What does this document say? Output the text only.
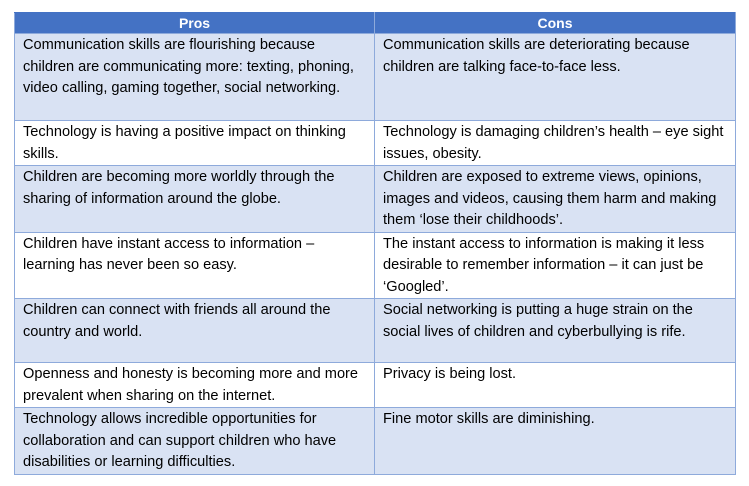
Pros	Cons
Communication skills are flourishing because children are communicating more: texting, phoning, video calling, gaming together, social networking.	Communication skills are deteriorating because children are talking face-to-face less.
Technology is having a positive impact on thinking skills.	Technology is damaging children’s health – eye sight issues, obesity.
Children are becoming more worldly through the sharing of information around the globe.	Children are exposed to extreme views, opinions, images and videos, causing them harm and making them ‘lose their childhoods’.
Children have instant access to information – learning has never been so easy.	The instant access to information is making it less desirable to remember information – it can just be ‘Googled’.
Children can connect with friends all around the country and world.	Social networking is putting a huge strain on the social lives of children and cyberbullying is rife.
Openness and honesty is becoming more and more prevalent when sharing on the internet.	Privacy is being lost.
Technology allows incredible opportunities for collaboration and can support children who have disabilities or learning difficulties.	Fine motor skills are diminishing.
